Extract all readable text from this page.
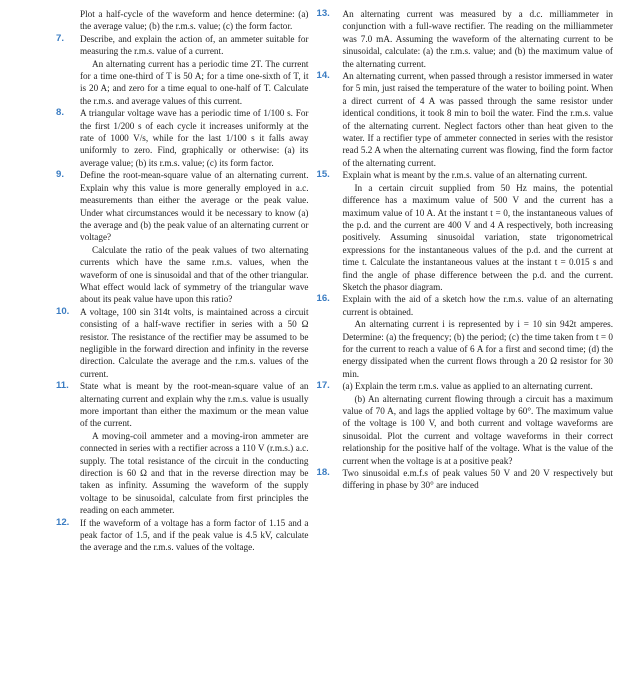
Plot a half-cycle of the waveform and hence determine: (a) the average value; (b) the r.m.s. value; (c) the form factor.

7. Describe, and explain the action of, an ammeter suitable for measuring the r.m.s. value of a current.

An alternating current has a periodic time 2T. The current for a time one-third of T is 50 A; for a time one-sixth of T, it is 20 A; and zero for a time equal to one-half of T. Calculate the r.m.s. and average values of this current.

8. A triangular voltage wave has a periodic time of 1/100 s. For the first 1/200 s of each cycle it increases uniformly at the rate of 1000 V/s, while for the last 1/100 s it falls away uniformly to zero. Find, graphically or otherwise: (a) its average value; (b) its r.m.s. value; (c) its form factor.

9. Define the root-mean-square value of an alternating current. Explain why this value is more generally employed in a.c. measurements than either the average or the peak value. Under what circumstances would it be necessary to know (a) the average and (b) the peak value of an alternating current or voltage?

Calculate the ratio of the peak values of two alternating currents which have the same r.m.s. values, when the waveform of one is sinusoidal and that of the other triangular. What effect would lack of symmetry of the triangular wave about its peak value have upon this ratio?

10. A voltage, 100 sin 314t volts, is maintained across a circuit consisting of a half-wave rectifier in series with a 50 Ω resistor. The resistance of the rectifier may be assumed to be negligible in the forward direction and infinity in the reverse direction. Calculate the average and the r.m.s. values of the current.

11. State what is meant by the root-mean-square value of an alternating current and explain why the r.m.s. value is usually more important than either the maximum or the mean value of the current.

A moving-coil ammeter and a moving-iron ammeter are connected in series with a rectifier across a 110 V (r.m.s.) a.c. supply. The total resistance of the circuit in the conducting direction is 60 Ω and that in the reverse direction may be taken as infinity. Assuming the waveform of the supply voltage to be sinusoidal, calculate from first principles the reading on each ammeter.

12. If the waveform of a voltage has a form factor of 1.15 and a peak factor of 1.5, and if the peak value is 4.5 kV, calculate the average and the r.m.s. values of the voltage.

13. An alternating current was measured by a d.c. milliammeter in conjunction with a full-wave rectifier. The reading on the milliammeter was 7.0 mA. Assuming the waveform of the alternating current to be sinusoidal, calculate: (a) the r.m.s. value; and (b) the maximum value of the alternating current.

14. An alternating current, when passed through a resistor immersed in water for 5 min, just raised the temperature of the water to boiling point. When a direct current of 4 A was passed through the same resistor under identical conditions, it took 8 min to boil the water. Find the r.m.s. value of the alternating current. Neglect factors other than heat given to the water. If a rectifier type of ammeter connected in series with the resistor read 5.2 A when the alternating current was flowing, find the form factor of the alternating current.

15. Explain what is meant by the r.m.s. value of an alternating current.

In a certain circuit supplied from 50 Hz mains, the potential difference has a maximum value of 500 V and the current has a maximum value of 10 A. At the instant t = 0, the instantaneous values of the p.d. and the current are 400 V and 4 A respectively, both increasing positively. Assuming sinusoidal variation, state trigonometrical expressions for the instantaneous values of the p.d. and the current at time t. Calculate the instantaneous values at the instant t = 0.015 s and find the angle of phase difference between the p.d. and the current. Sketch the phasor diagram.

16. Explain with the aid of a sketch how the r.m.s. value of an alternating current is obtained.

An alternating current i is represented by i = 10 sin 942t amperes. Determine: (a) the frequency; (b) the period; (c) the time taken from t = 0 for the current to reach a value of 6 A for a first and second time; (d) the energy dissipated when the current flows through a 20 Ω resistor for 30 min.

17. (a) Explain the term r.m.s. value as applied to an alternating current.

(b) An alternating current flowing through a circuit has a maximum value of 70 A, and lags the applied voltage by 60°. The maximum value of the voltage is 100 V, and both current and voltage waveforms are sinusoidal. Plot the current and voltage waveforms in their correct relationship for the positive half of the voltage. What is the value of the current when the voltage is at a positive peak?

18. Two sinusoidal e.m.f.s of peak values 50 V and 20 V respectively but differing in phase by 30° are induced
